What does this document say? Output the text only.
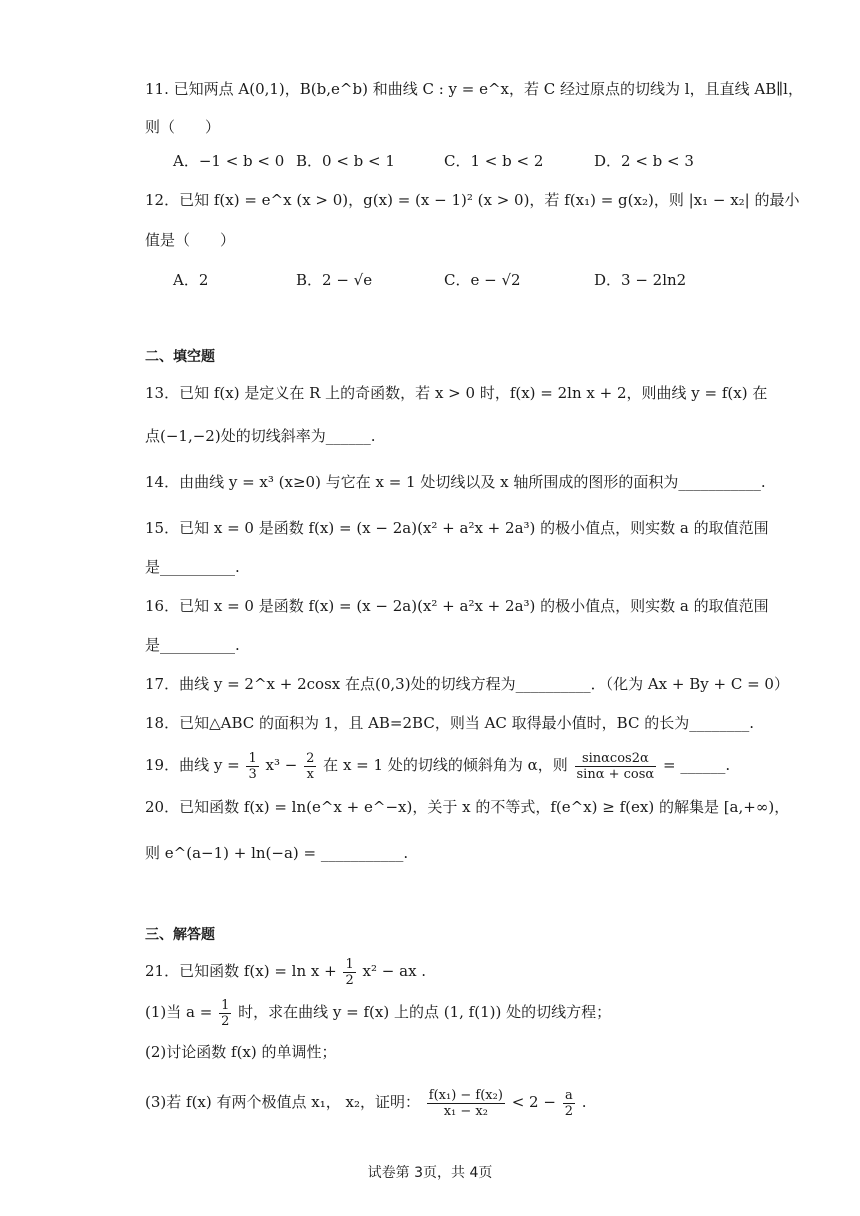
11. 已知两点 A(0,1)，B(b,e^b) 和曲线 C : y = e^x，若 C 经过原点的切线为 l，且直线 AB∥l，
则（　　）
A．−1 < b < 0 B．0 < b < 1	C．1 < b < 2	D．2 < b < 3
12．已知 f(x) = e^x (x > 0)，g(x) = (x − 1)² (x > 0)，若 f(x₁) = g(x₂)，则 |x₁ − x₂| 的最小
值是（　　）
A．2	B．2 − √e	C．e − √2	D．3 − 2ln2
二、填空题
13．已知 f(x) 是定义在 R 上的奇函数，若 x > 0 时，f(x) = 2ln x + 2，则曲线 y = f(x) 在
点(−1,−2)处的切线斜率为______.
14．由曲线 y = x³ (x≥0) 与它在 x = 1 处切线以及 x 轴所围成的图形的面积为___________.
15．已知 x = 0 是函数 f(x) = (x − 2a)(x² + a²x + 2a³) 的极小值点，则实数 a 的取值范围
是__________.
16．已知 x = 0 是函数 f(x) = (x − 2a)(x² + a²x + 2a³) 的极小值点，则实数 a 的取值范围
是__________.
17．曲线 y = 2^x + 2cosx 在点(0,3)处的切线方程为__________．（化为 Ax + By + C = 0）
18．已知△ABC 的面积为 1，且 AB=2BC，则当 AC 取得最小值时，BC 的长为________.
19．曲线 $y = \frac{1}{3} x^3 - \frac{2}{x}$ 在 x = 1 处的切线的倾斜角为 α，则 $\frac{\sin\alpha\cos 2\alpha}{\sin\alpha + \cos\alpha}$ = ______.
20．已知函数 f(x) = ln(e^x + e^−x)，关于 x 的不等式，f(e^x) ≥ f(ex) 的解集是 [a,+∞)，
则 e^(a−1) + ln(−a) = ___________.
三、解答题
21．已知函数 $f(x) = \ln x + \frac{1}{2} x^2$ − ax .
(1)当 $a = \frac{1}{2}$ 时，求在曲线 y = f(x) 上的点 (1, f(1)) 处的切线方程；
(2)讨论函数 f(x) 的单调性；
(3)若 f(x) 有两个极值点 x₁， x₂，证明： $\frac{\text{f(x₁) − f(x₂)}}{\text{x₁ − x₂}} < 2 - \frac{a}{2}$ .
试卷第 3页，共 4页
